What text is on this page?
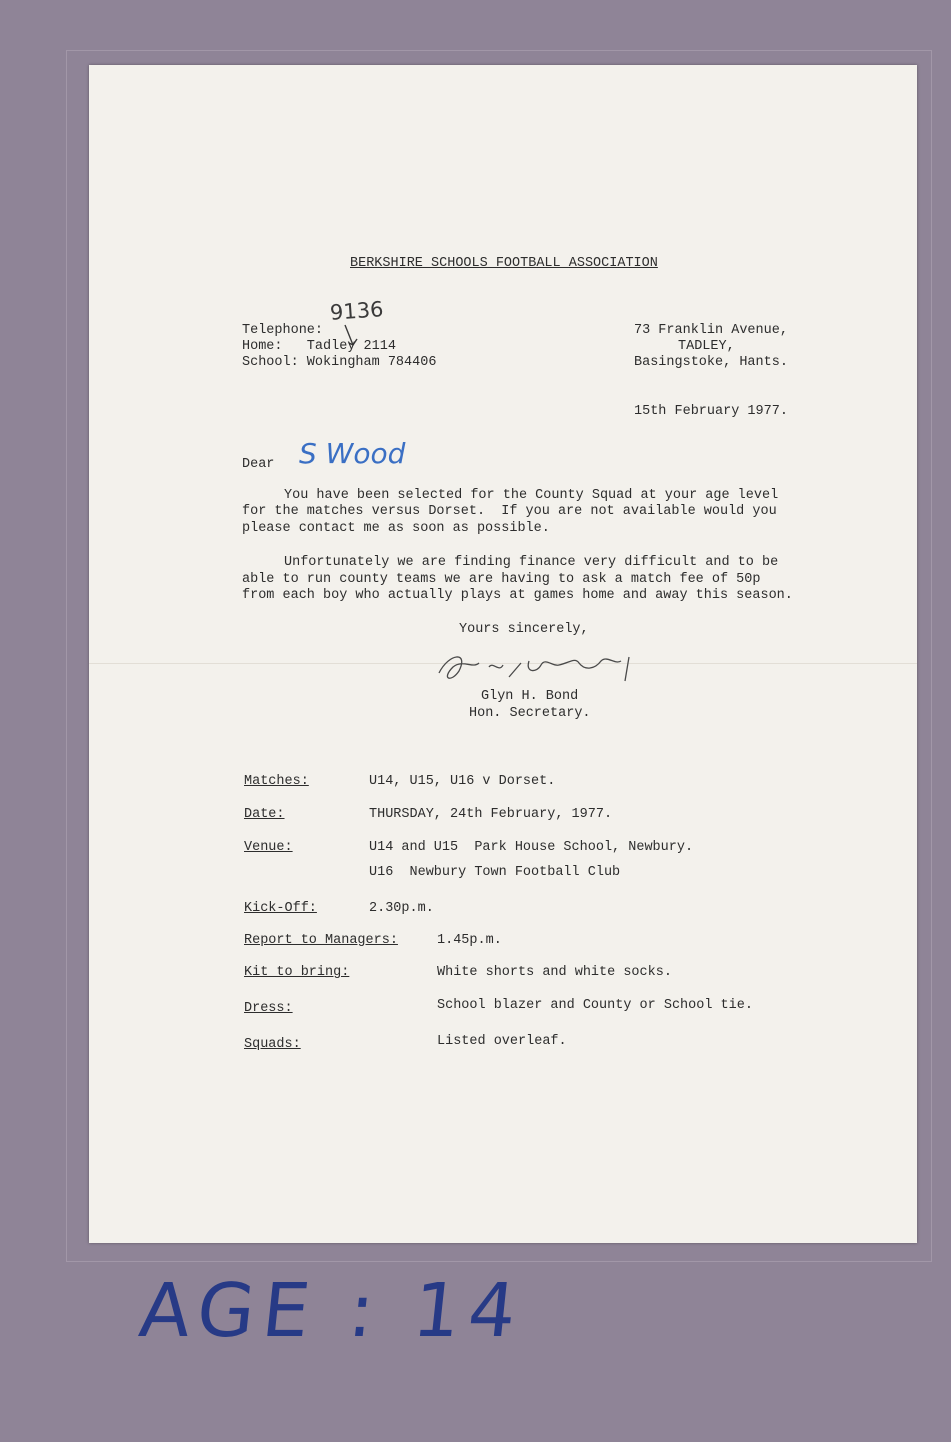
BERKSHIRE SCHOOLS FOOTBALL ASSOCIATION
9136
Telephone:
Home:   Tadley 2114
School: Wokingham 784406
73 Franklin Avenue,
TADLEY,
Basingstoke, Hants.
15th February 1977.
Dear S Wood
You have been selected for the County Squad at your age level
for the matches versus Dorset.  If you are not available would you
please contact me as soon as possible.
Unfortunately we are finding finance very difficult and to be
able to run county teams we are having to ask a match fee of 50p
from each boy who actually plays at games home and away this season.
Yours sincerely,
Glyn H. Bond
Hon. Secretary.
Matches:	U14, U15, U16 v Dorset.
Date:	THURSDAY, 24th February, 1977.
Venue:	U14 and U15  Park House School, Newbury.
U16  Newbury Town Football Club
Kick-Off:	2.30p.m.
Report to Managers:	1.45p.m.
Kit to bring:	White shorts and white socks.
Dress:	School blazer and County or School tie.
Squads:	Listed overleaf.
AGE : 14
